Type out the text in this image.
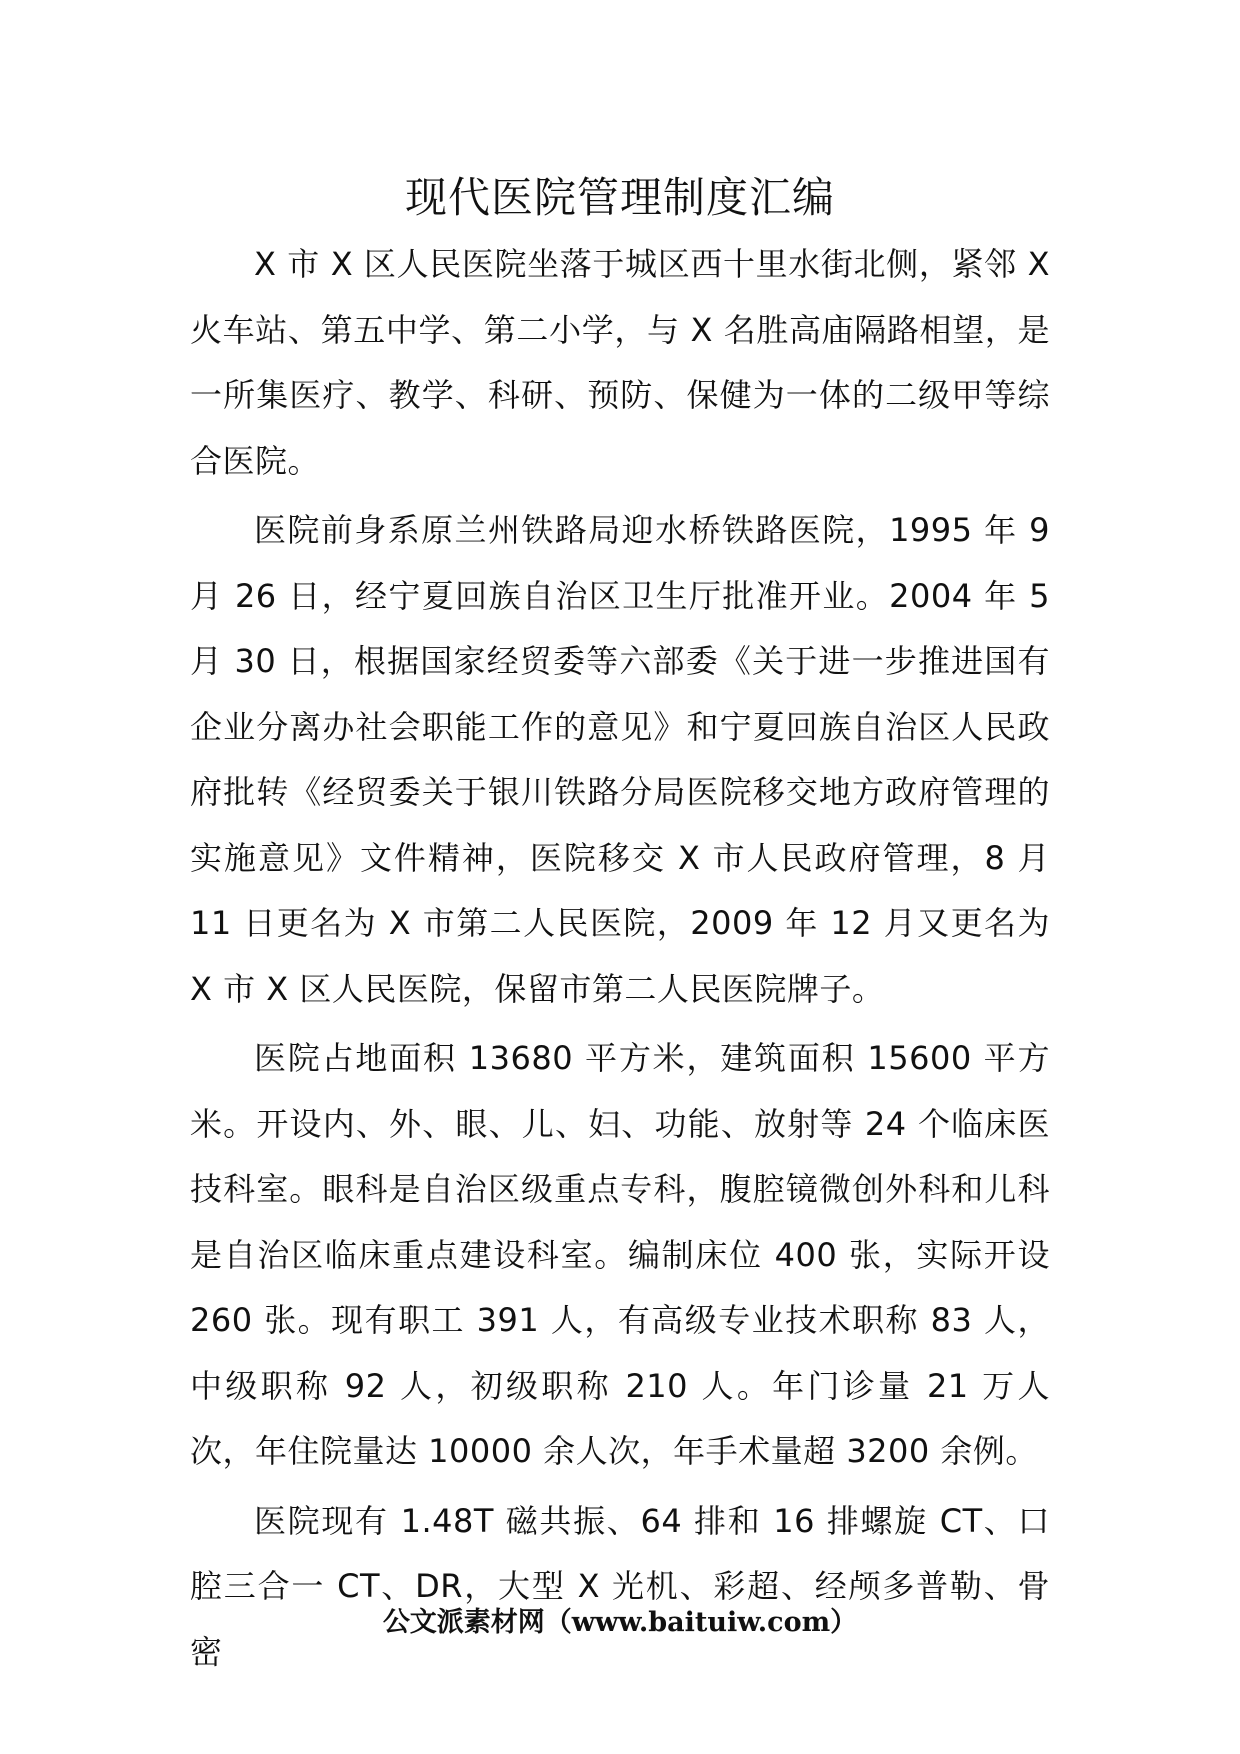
现代医院管理制度汇编

X 市 X 区人民医院坐落于城区西十里水街北侧，紧邻 X 火车站、第五中学、第二小学，与 X 名胜高庙隔路相望，是一所集医疗、教学、科研、预防、保健为一体的二级甲等综合医院。

医院前身系原兰州铁路局迎水桥铁路医院，1995 年 9 月 26 日，经宁夏回族自治区卫生厅批准开业。2004 年 5 月 30 日，根据国家经贸委等六部委《关于进一步推进国有企业分离办社会职能工作的意见》和宁夏回族自治区人民政府批转《经贸委关于银川铁路分局医院移交地方政府管理的实施意见》文件精神，医院移交 X 市人民政府管理，8 月 11 日更名为 X 市第二人民医院，2009 年 12 月又更名为 X 市 X 区人民医院，保留市第二人民医院牌子。

医院占地面积 13680 平方米，建筑面积 15600 平方米。开设内、外、眼、儿、妇、功能、放射等 24 个临床医技科室。眼科是自治区级重点专科，腹腔镜微创外科和儿科是自治区临床重点建设科室。编制床位 400 张，实际开设 260 张。现有职工 391 人，有高级专业技术职称 83 人，中级职称 92 人，初级职称 210 人。年门诊量 21 万人次，年住院量达 10000 余人次，年手术量超 3200 余例。

医院现有 1.48T 磁共振、64 排和 16 排螺旋 CT、口腔三合一 CT、DR，大型 X 光机、彩超、经颅多普勒、骨密

公文派素材网（www.baituiw.com）
